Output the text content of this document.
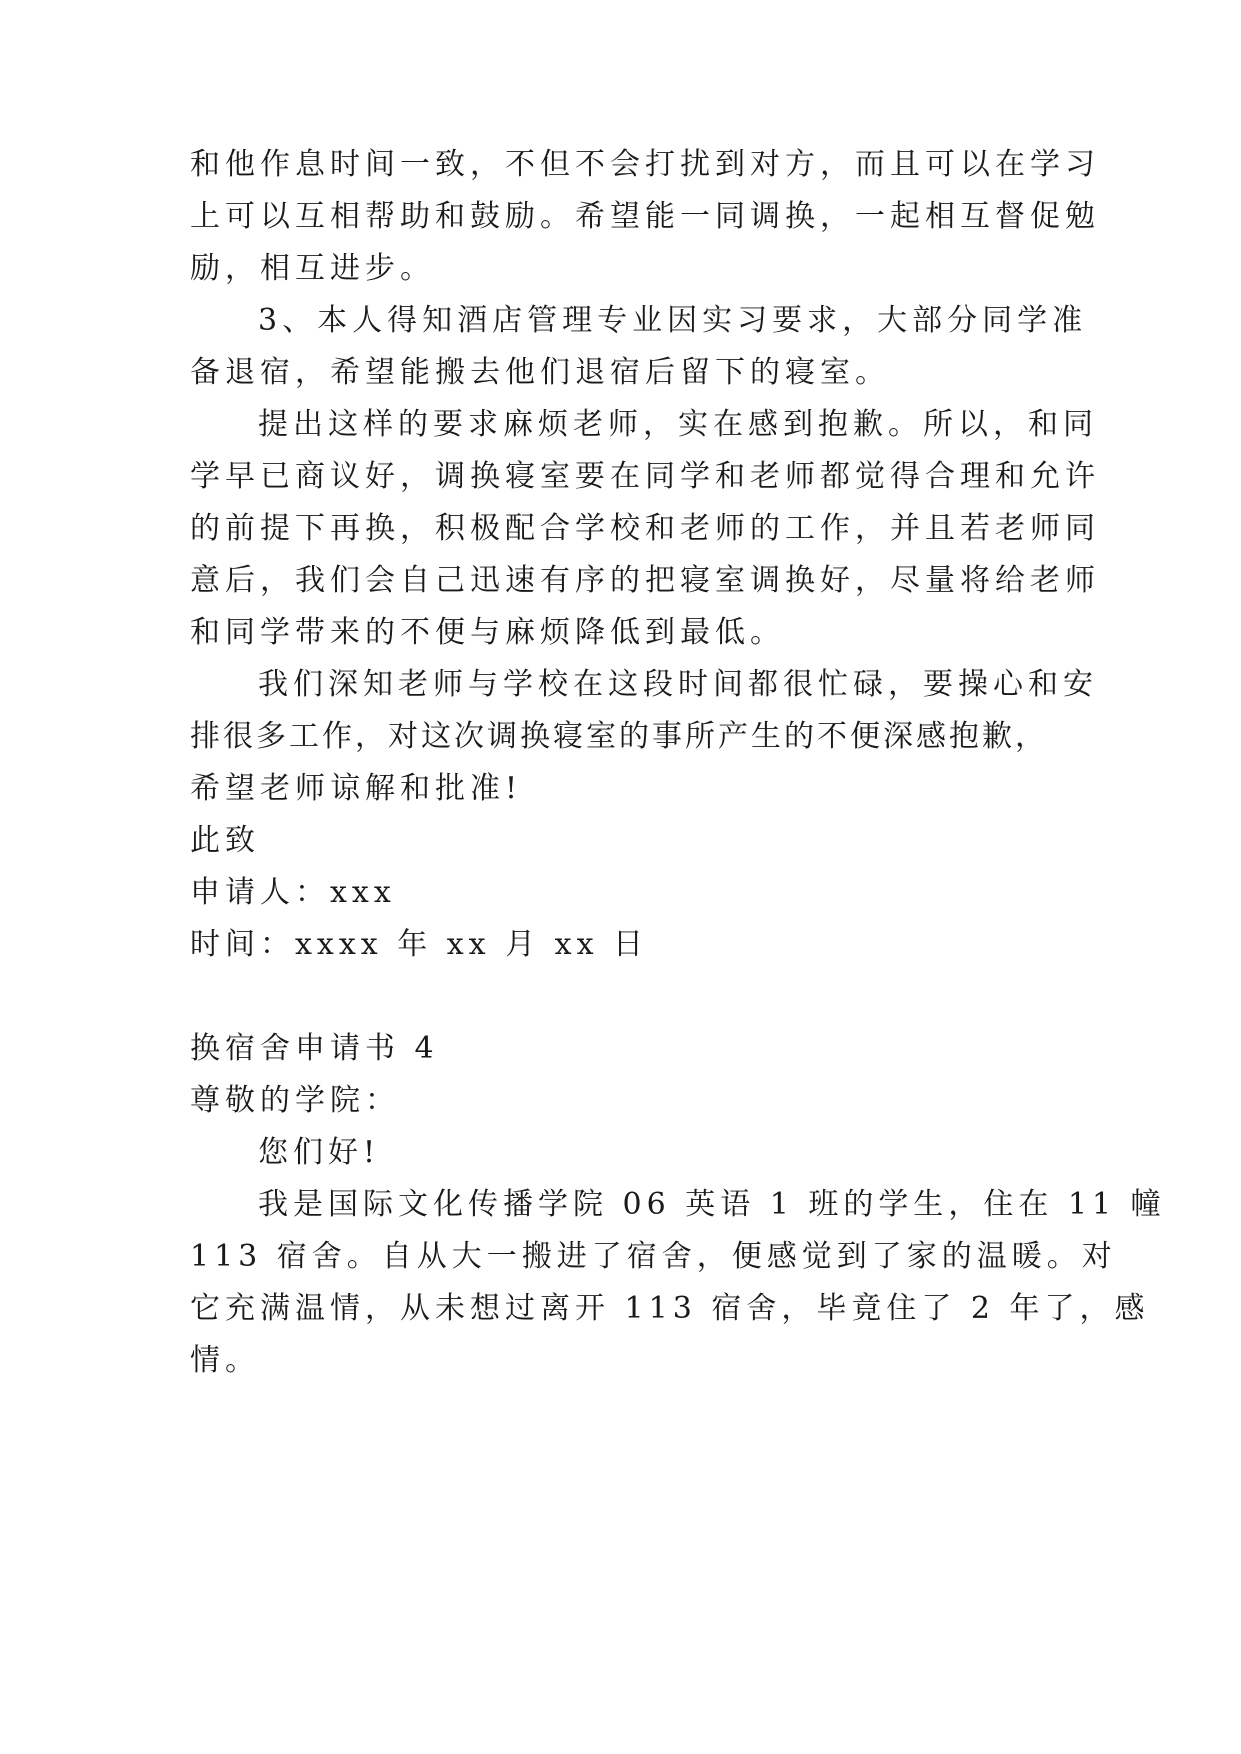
和他作息时间一致，不但不会打扰到对方，而且可以在学习
上可以互相帮助和鼓励。希望能一同调换，一起相互督促勉
励，相互进步。
3、本人得知酒店管理专业因实习要求，大部分同学准
备退宿，希望能搬去他们退宿后留下的寝室。
提出这样的要求麻烦老师，实在感到抱歉。所以，和同
学早已商议好，调换寝室要在同学和老师都觉得合理和允许
的前提下再换，积极配合学校和老师的工作，并且若老师同
意后，我们会自己迅速有序的把寝室调换好，尽量将给老师
和同学带来的不便与麻烦降低到最低。
我们深知老师与学校在这段时间都很忙碌，要操心和安
排很多工作，对这次调换寝室的事所产生的不便深感抱歉，
希望老师谅解和批准!
此致
申请人：xxx
时间：xxxx 年 xx 月 xx 日
换宿舍申请书 4
尊敬的学院：
您们好!
我是国际文化传播学院 06 英语 1 班的学生，住在 11 幢
113 宿舍。自从大一搬进了宿舍，便感觉到了家的温暖。对
它充满温情，从未想过离开 113 宿舍，毕竟住了 2 年了，感
情。
